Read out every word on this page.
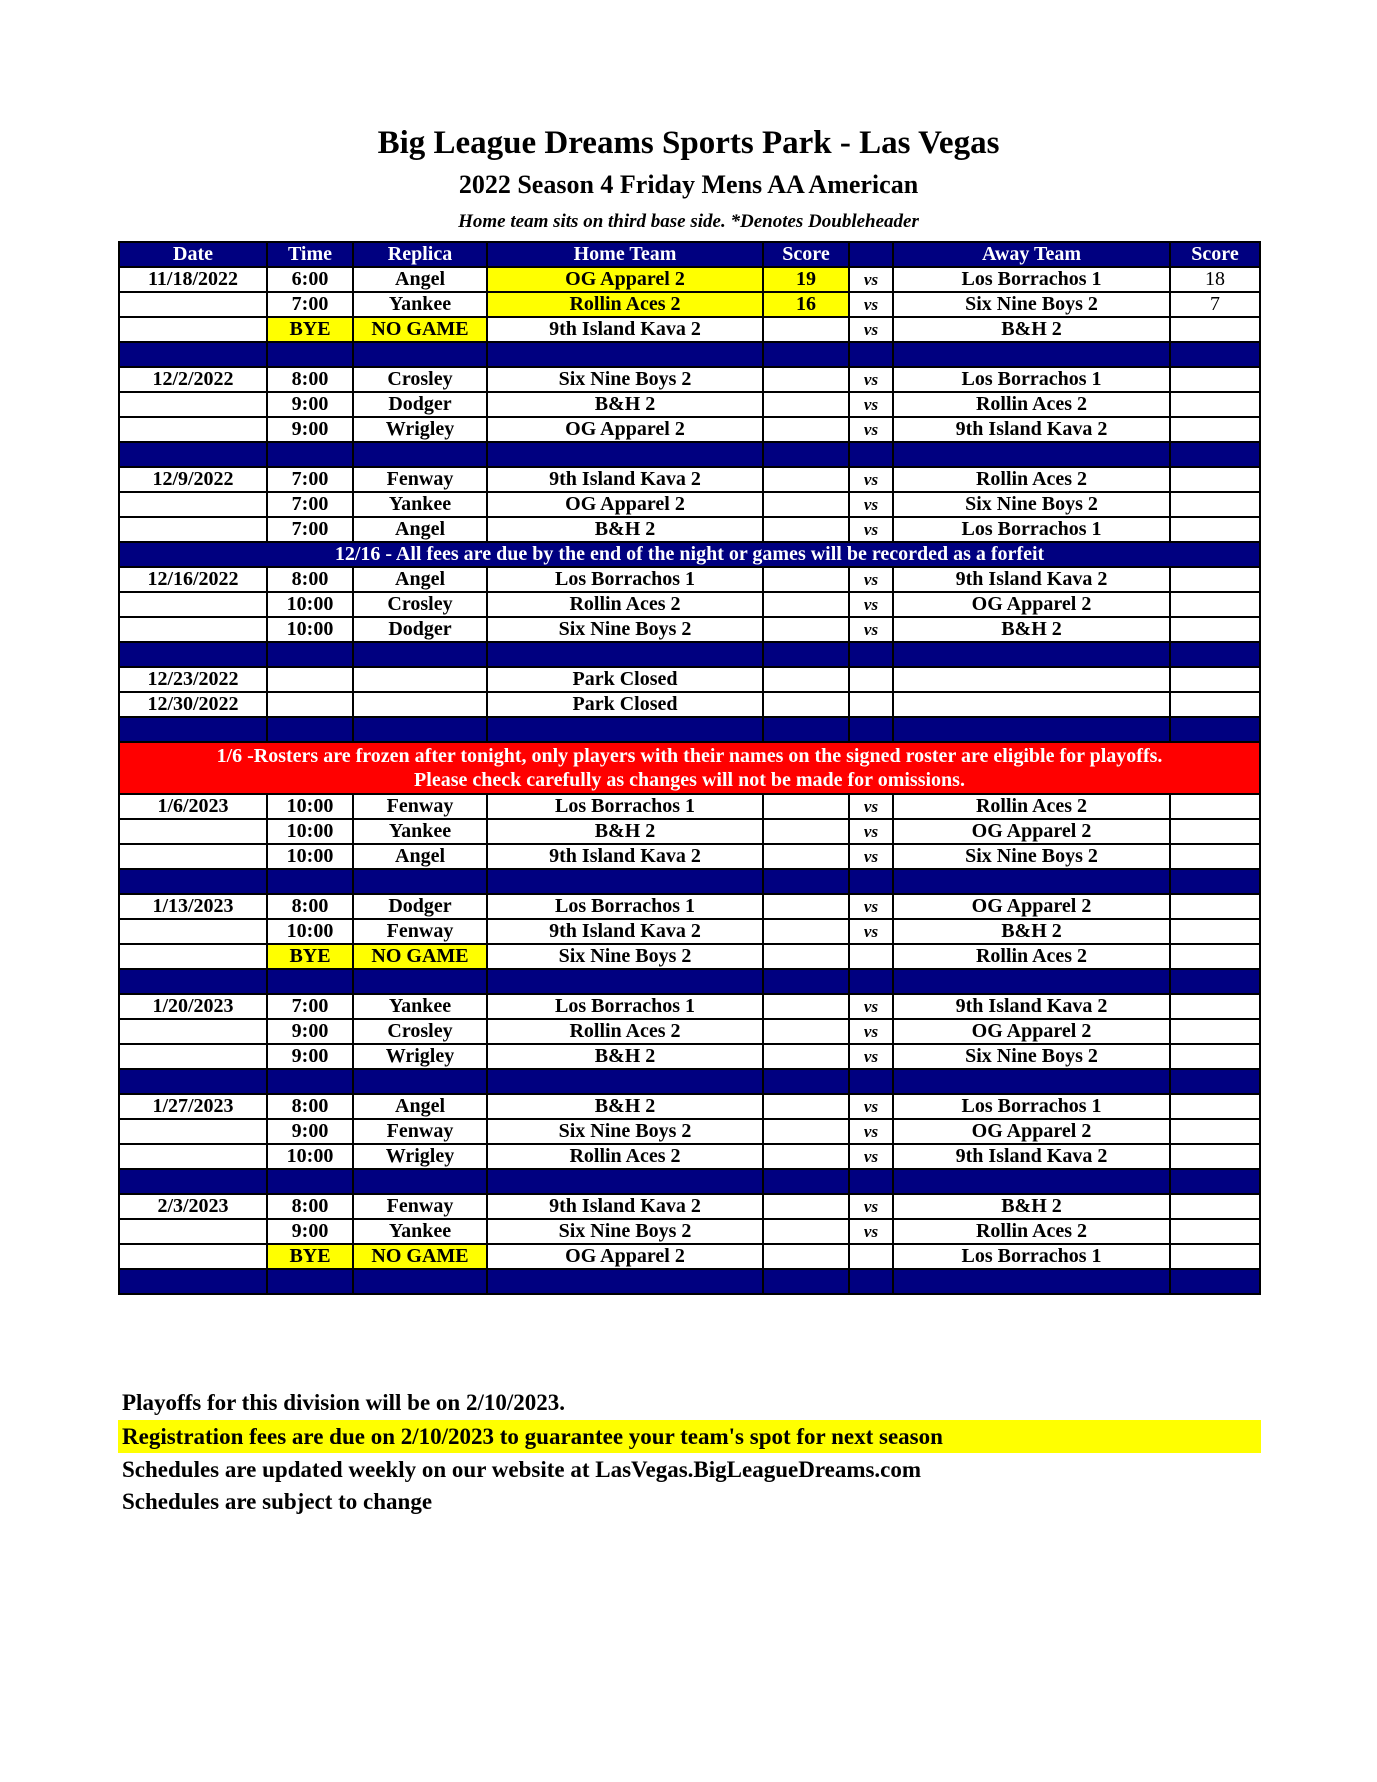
Big League Dreams Sports Park - Las Vegas
2022 Season 4 Friday Mens AA American
Home team sits on third base side. *Denotes Doubleheader
Date	Time	Replica	Home Team	Score		Away Team	Score
11/18/2022	6:00	Angel	OG Apparel 2	19	vs	Los Borrachos 1	18
	7:00	Yankee	Rollin Aces 2	16	vs	Six Nine Boys 2	7
	BYE	NO GAME	9th Island Kava 2		vs	B&H 2	

12/2/2022	8:00	Crosley	Six Nine Boys 2		vs	Los Borrachos 1	
	9:00	Dodger	B&H 2		vs	Rollin Aces 2	
	9:00	Wrigley	OG Apparel 2		vs	9th Island Kava 2	

12/9/2022	7:00	Fenway	9th Island Kava 2		vs	Rollin Aces 2	
	7:00	Yankee	OG Apparel 2		vs	Six Nine Boys 2	
	7:00	Angel	B&H 2		vs	Los Borrachos 1	
12/16 - All fees are due by the end of the night or games will be recorded as a forfeit							
12/16/2022	8:00	Angel	Los Borrachos 1		vs	9th Island Kava 2	
	10:00	Crosley	Rollin Aces 2		vs	OG Apparel 2	
	10:00	Dodger	Six Nine Boys 2		vs	B&H 2	

12/23/2022			Park Closed				
12/30/2022			Park Closed				

1/6 -Rosters are frozen after tonight, only players with their names on the signed roster are eligible for playoffs.
Please check carefully as changes will not be made for omissions.							

1/6/2023	10:00	Fenway	Los Borrachos 1		vs	Rollin Aces 2	
	10:00	Yankee	B&H 2		vs	OG Apparel 2	
	10:00	Angel	9th Island Kava 2		vs	Six Nine Boys 2	

1/13/2023	8:00	Dodger	Los Borrachos 1		vs	OG Apparel 2	
	10:00	Fenway	9th Island Kava 2		vs	B&H 2	
	BYE	NO GAME	Six Nine Boys 2			Rollin Aces 2	

1/20/2023	7:00	Yankee	Los Borrachos 1		vs	9th Island Kava 2	
	9:00	Crosley	Rollin Aces 2		vs	OG Apparel 2	
	9:00	Wrigley	B&H 2		vs	Six Nine Boys 2	

1/27/2023	8:00	Angel	B&H 2		vs	Los Borrachos 1	
	9:00	Fenway	Six Nine Boys 2		vs	OG Apparel 2	
	10:00	Wrigley	Rollin Aces 2		vs	9th Island Kava 2	

2/3/2023	8:00	Fenway	9th Island Kava 2		vs	B&H 2	
	9:00	Yankee	Six Nine Boys 2		vs	Rollin Aces 2	
	BYE	NO GAME	OG Apparel 2			Los Borrachos 1	

Playoffs for this division will be on 2/10/2023.
Registration fees are due on 2/10/2023 to guarantee your team's spot for next season
Schedules are updated weekly on our website at LasVegas.BigLeagueDreams.com
Schedules are subject to change
